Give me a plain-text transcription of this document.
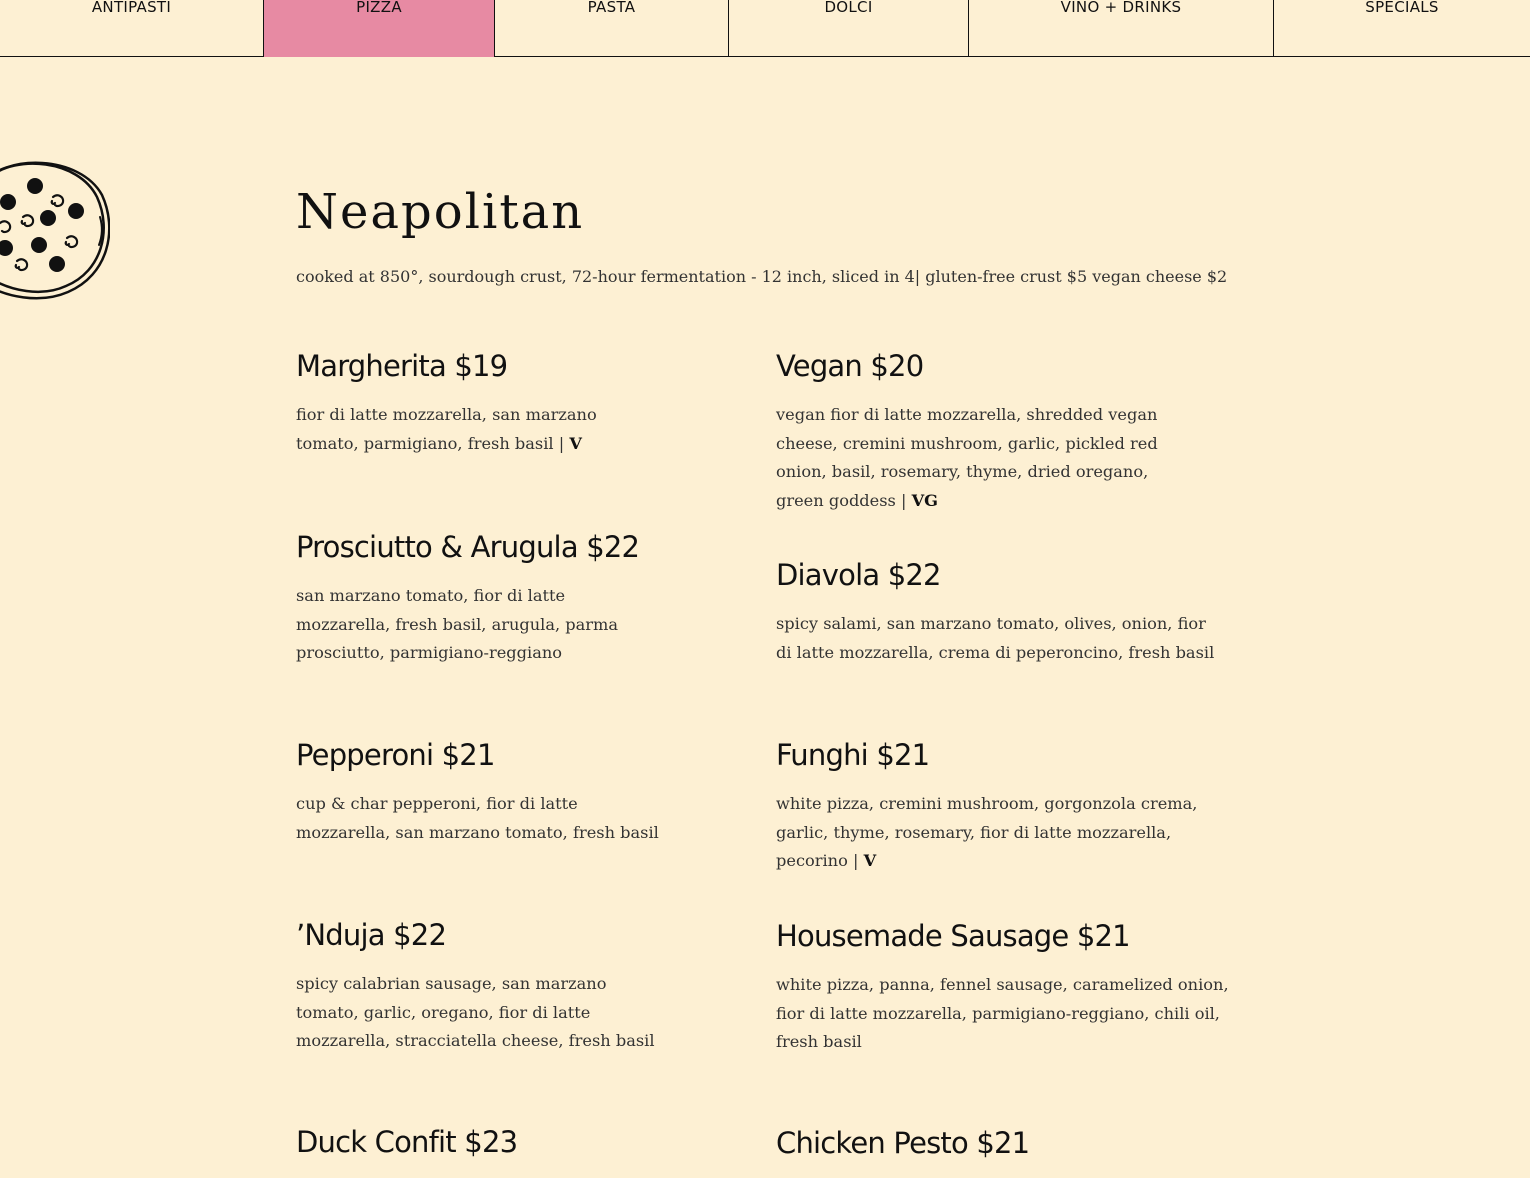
ANTIPASTI	PIZZA	PASTA	DOLCI	VINO + DRINKS	SPECIALS
Neapolitan

cooked at 850°, sourdough crust, 72-hour fermentation - 12 inch, sliced in 4| gluten-free crust $5 vegan cheese $2

Margherita $19

fior di latte mozzarella, san marzano tomato, parmigiano, fresh basil | V

Prosciutto & Arugula $22

san marzano tomato, fior di latte mozzarella, fresh basil, arugula, parma prosciutto, parmigiano-reggiano

Pepperoni $21

cup & char pepperoni, fior di latte mozzarella, san marzano tomato, fresh basil

’Nduja $22

spicy calabrian sausage, san marzano tomato, garlic, oregano, fior di latte mozzarella, stracciatella cheese, fresh basil

Duck Confit $23
Vegan $20

vegan fior di latte mozzarella, shredded vegan cheese, cremini mushroom, garlic, pickled red onion, basil, rosemary, thyme, dried oregano, green goddess | VG

Diavola $22

spicy salami, san marzano tomato, olives, onion, fior di latte mozzarella, crema di peperoncino, fresh basil

Funghi $21

white pizza, cremini mushroom, gorgonzola crema, garlic, thyme, rosemary, fior di latte mozzarella, pecorino | V

Housemade Sausage $21

white pizza, panna, fennel sausage, caramelized onion, fior di latte mozzarella, parmigiano-reggiano, chili oil, fresh basil

Chicken Pesto $21
